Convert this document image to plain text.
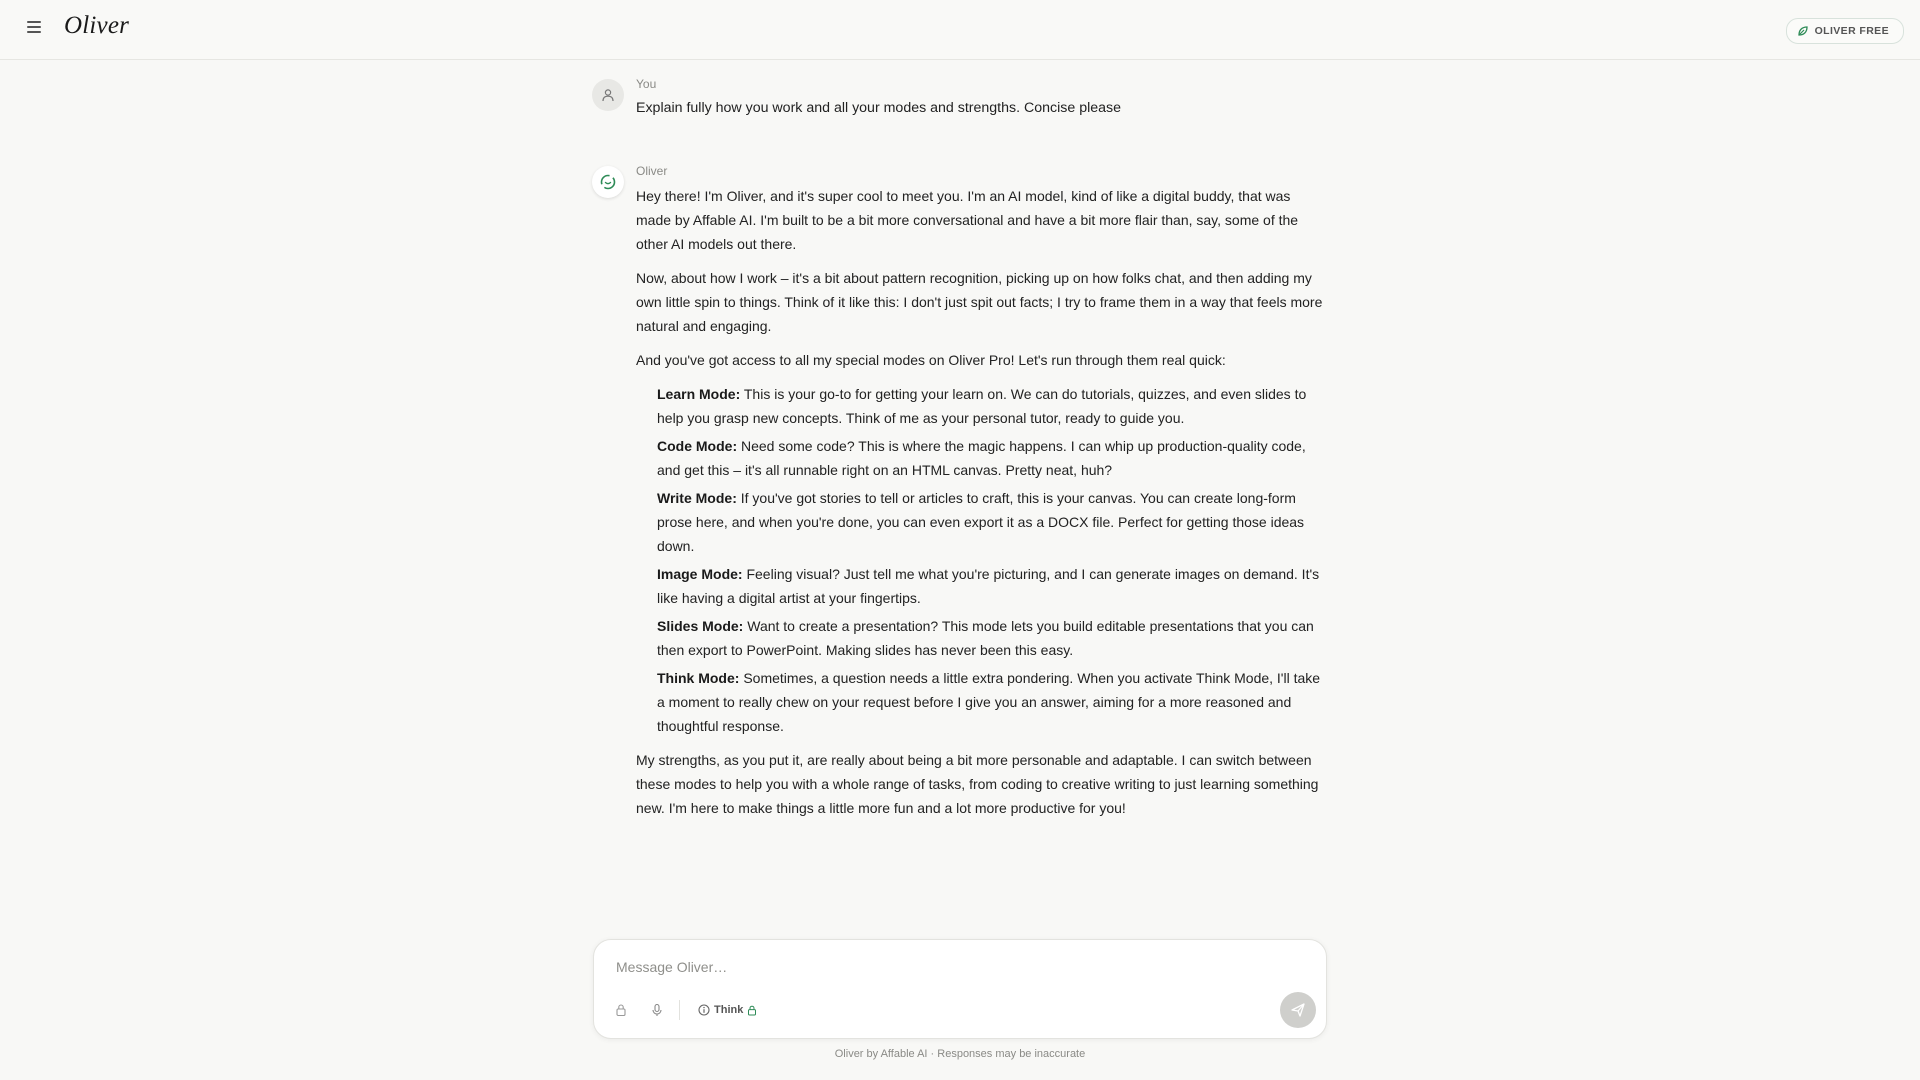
Oliver	OLIVER FREE
You
Explain fully how you work and all your modes and strengths. Concise please
Oliver

Hey there! I'm Oliver, and it's super cool to meet you. I'm an AI model, kind of like a digital buddy, that was made by Affable AI. I'm built to be a bit more conversational and have a bit more flair than, say, some of the other AI models out there.

Now, about how I work – it's a bit about pattern recognition, picking up on how folks chat, and then adding my own little spin to things. Think of it like this: I don't just spit out facts; I try to frame them in a way that feels more natural and engaging.

And you've got access to all my special modes on Oliver Pro! Let's run through them real quick:

Learn Mode: This is your go-to for getting your learn on. We can do tutorials, quizzes, and even slides to help you grasp new concepts. Think of me as your personal tutor, ready to guide you.
Code Mode: Need some code? This is where the magic happens. I can whip up production-quality code, and get this – it's all runnable right on an HTML canvas. Pretty neat, huh?
Write Mode: If you've got stories to tell or articles to craft, this is your canvas. You can create long-form prose here, and when you're done, you can even export it as a DOCX file. Perfect for getting those ideas down.
Image Mode: Feeling visual? Just tell me what you're picturing, and I can generate images on demand. It's like having a digital artist at your fingertips.
Slides Mode: Want to create a presentation? This mode lets you build editable presentations that you can then export to PowerPoint. Making slides has never been this easy.
Think Mode: Sometimes, a question needs a little extra pondering. When you activate Think Mode, I'll take a moment to really chew on your request before I give you an answer, aiming for a more reasoned and thoughtful response.

My strengths, as you put it, are really about being a bit more personable and adaptable. I can switch between these modes to help you with a whole range of tasks, from coding to creative writing to just learning something new. I'm here to make things a little more fun and a lot more productive for you!

Message Oliver…
Think
Oliver by Affable AI · Responses may be inaccurate
